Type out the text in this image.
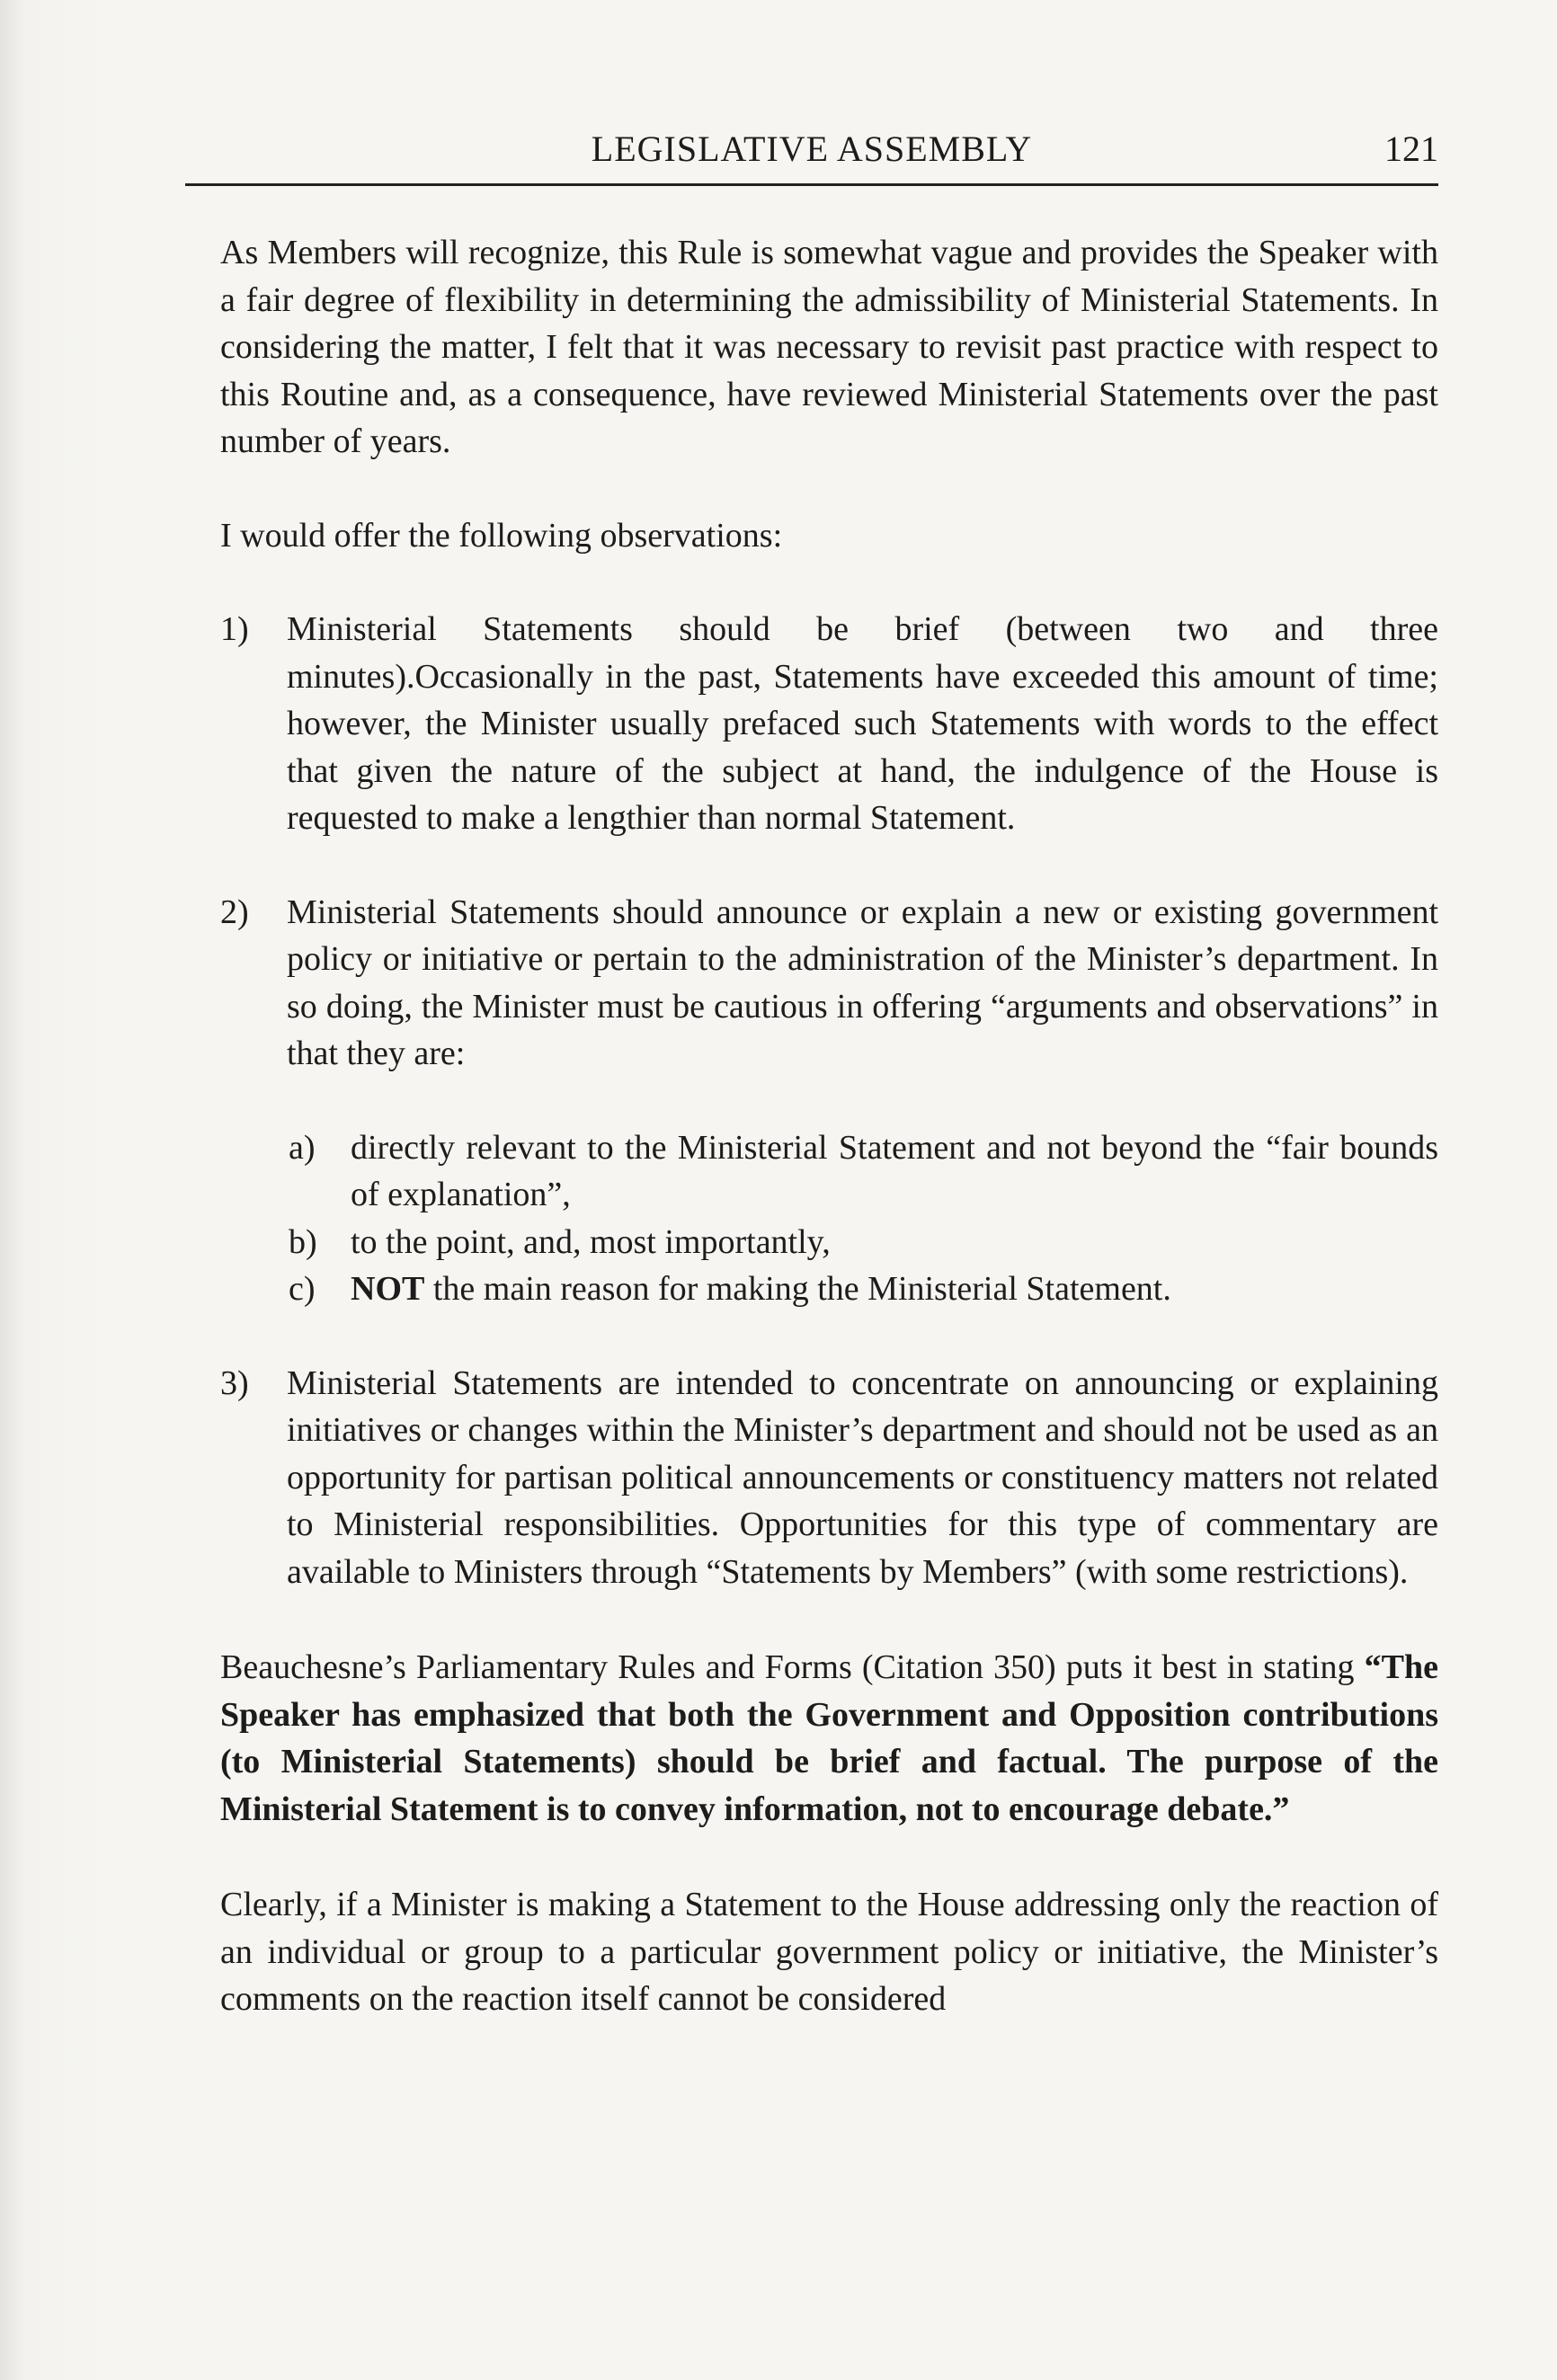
LEGISLATIVE ASSEMBLY	121

As Members will recognize, this Rule is somewhat vague and provides the Speaker with a fair degree of flexibility in determining the admissibility of Ministerial Statements. In considering the matter, I felt that it was necessary to revisit past practice with respect to this Routine and, as a consequence, have reviewed Ministerial Statements over the past number of years.

I would offer the following observations:

1) Ministerial Statements should be brief (between two and three minutes).Occasionally in the past, Statements have exceeded this amount of time; however, the Minister usually prefaced such Statements with words to the effect that given the nature of the subject at hand, the indulgence of the House is requested to make a lengthier than normal Statement.
2) Ministerial Statements should announce or explain a new or existing government policy or initiative or pertain to the administration of the Minister’s department. In so doing, the Minister must be cautious in offering “arguments and observations” in that they are:
a) directly relevant to the Ministerial Statement and not beyond the “fair bounds of explanation”,
b) to the point, and, most importantly,
c) NOT the main reason for making the Ministerial Statement.
3) Ministerial Statements are intended to concentrate on announcing or explaining initiatives or changes within the Minister’s department and should not be used as an opportunity for partisan political announcements or constituency matters not related to Ministerial responsibilities. Opportunities for this type of commentary are available to Ministers through “Statements by Members” (with some restrictions).

Beauchesne’s Parliamentary Rules and Forms (Citation 350) puts it best in stating “The Speaker has emphasized that both the Government and Opposition contributions (to Ministerial Statements) should be brief and factual. The purpose of the Ministerial Statement is to convey information, not to encourage debate.”

Clearly, if a Minister is making a Statement to the House addressing only the reaction of an individual or group to a particular government policy or initiative, the Minister’s comments on the reaction itself cannot be considered
